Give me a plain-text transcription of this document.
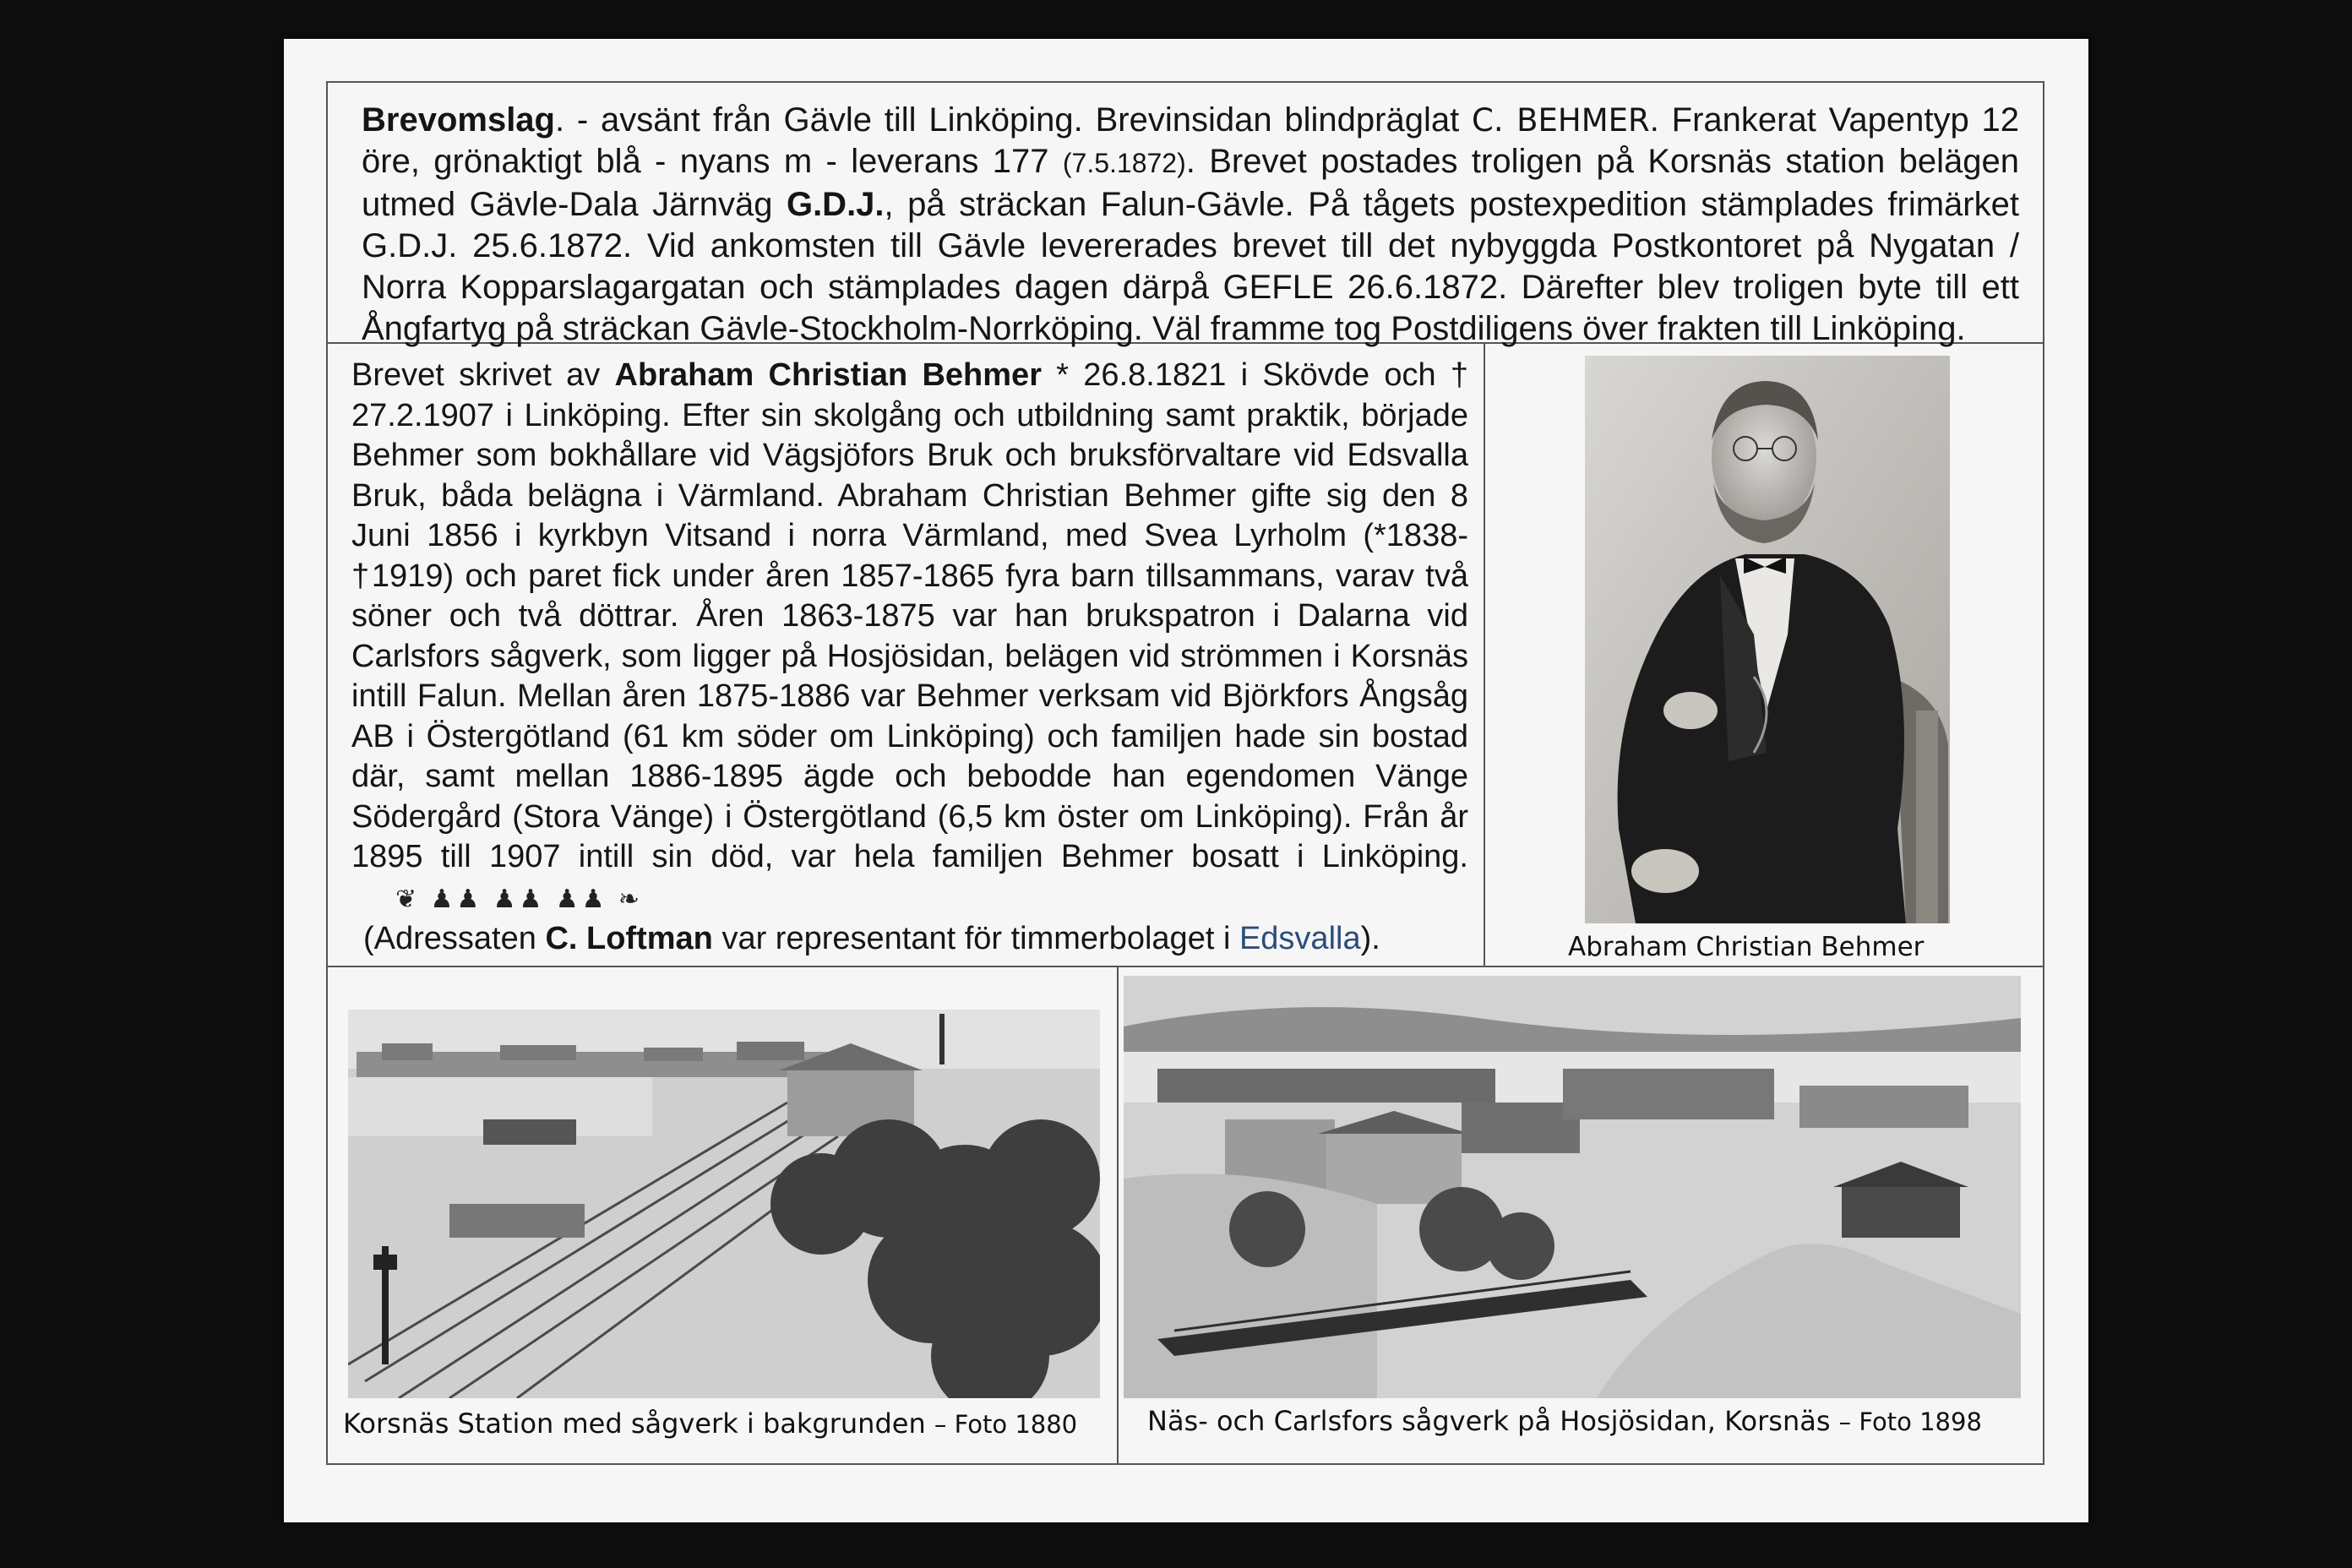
Brevomslag. - avsänt från Gävle till Linköping. Brevinsidan blindpräglat C. BEHMER. Frankerat Vapentyp 12 öre, grönaktigt blå - nyans m - leverans 177 (7.5.1872). Brevet postades troligen på Korsnäs station belägen utmed Gävle-Dala Järnväg G.D.J., på sträckan Falun-Gävle. På tågets postexpedition stämplades frimärket G.D.J. 25.6.1872. Vid ankomsten till Gävle levererades brevet till det nybyggda Postkontoret på Nygatan / Norra Kopparslagargatan och stämplades dagen därpå GEFLE 26.6.1872. Därefter blev troligen byte till ett Ångfartyg på sträckan Gävle-Stockholm-Norrköping. Väl framme tog Postdiligens över frakten till Linköping.
Brevet skrivet av Abraham Christian Behmer * 26.8.1821 i Skövde och † 27.2.1907 i Linköping. Efter sin skolgång och utbildning samt praktik, började Behmer som bokhållare vid Vägsjöfors Bruk och bruksförvaltare vid Edsvalla Bruk, båda belägna i Värmland. Abraham Christian Behmer gifte sig den 8 Juni 1856 i kyrkbyn Vitsand i norra Värmland, med Svea Lyrholm (*1838-†1919) och paret fick under åren 1857-1865 fyra barn tillsammans, varav två söner och två döttrar. Åren 1863-1875 var han brukspatron i Dalarna vid Carlsfors sågverk, som ligger på Hosjösidan, belägen vid strömmen i Korsnäs intill Falun. Mellan åren 1875-1886 var Behmer verksam vid Björkfors Ångsåg AB i Östergötland (61 km söder om Linköping) och familjen hade sin bostad där, samt mellan 1886-1895 ägde och bebodde han egendomen Vänge Södergård (Stora Vänge) i Östergötland (6,5 km öster om Linköping). Från år 1895 till 1907 intill sin död, var hela familjen Behmer bosatt i Linköping.❦ ♟♟ ♟♟ ♟♟ ❧
(Adressaten C. Loftman var representant för timmerbolaget i Edsvalla).	Abraham Christian Behmer
Korsnäs Station med sågverk i bakgrunden – Foto 1880	Näs- och Carlsfors sågverk på Hosjösidan, Korsnäs – Foto 1898
